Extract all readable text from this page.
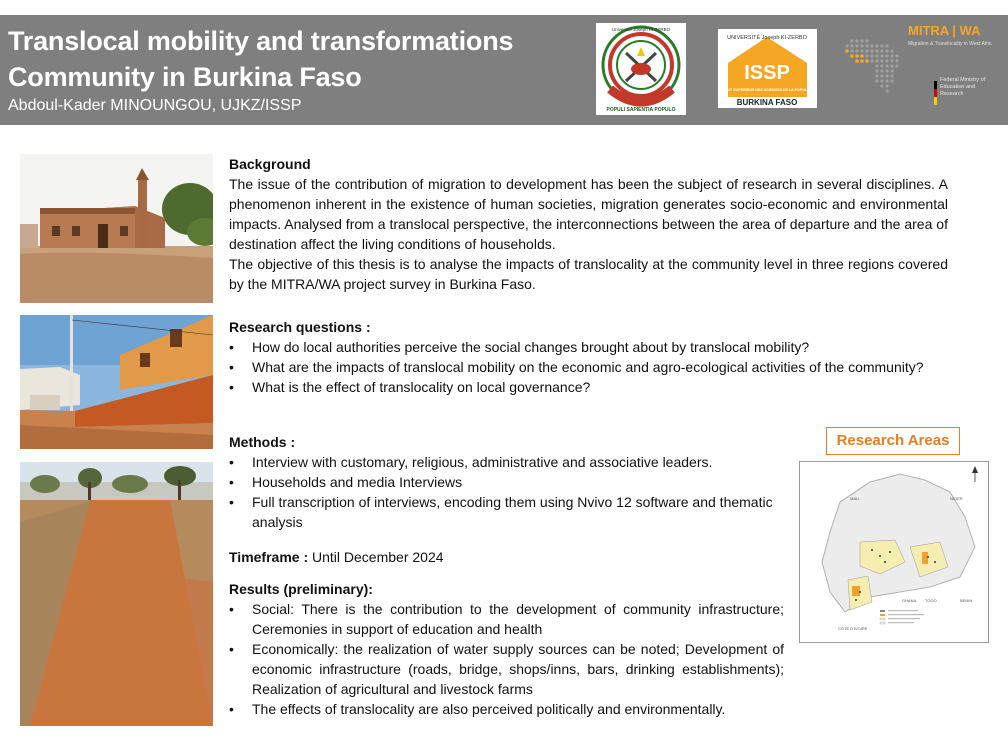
Translocal mobility and transformations
Community in Burkina Faso
Abdoul-Kader MINOUNGOU, UJKZ/ISSP
Université Joseph KI-ZERBO
POPULI SAPIENTIA POPULO
UNIVERSITÉ Joseph KI-ZERBO
ISSP
INSTITUT SUPÉRIEUR DES SCIENCES DE LA POPULATION
BURKINA FASO
MITRA | WA
Migration & Translocality in West Africa
Federal Ministry of Education and Research
Background
The issue of the contribution of migration to development has been the subject of research in several disciplines. A phenomenon inherent in the existence of human societies, migration generates socio-economic and environmental impacts. Analysed from a translocal perspective, the interconnections between the area of departure and the area of destination affect the living conditions of households.
The objective of this thesis is to analyse the impacts of translocality at the community level in three regions covered by the MITRA/WA project survey in Burkina Faso.
Research questions :
• How do local authorities perceive the social changes brought about by translocal mobility?
• What are the impacts of translocal mobility on the economic and agro-ecological activities of the community?
• What is the effect of translocality on local governance?
Methods :
• Interview with customary, religious, administrative and associative leaders.
• Households and media Interviews
• Full transcription of interviews, encoding them using Nvivo 12 software and thematic analysis
Timeframe : Until December 2024
Results (preliminary):
• Social: There is the contribution to the development of community infrastructure; Ceremonies in support of education and health
• Economically: the realization of water supply sources can be noted; Development of economic infrastructure (roads, bridge, shops/inns, bars, drinking establishments); Realization of agricultural and livestock farms
• The effects of translocality are also perceived politically and environmentally.
Research Areas
MALI	NIGER
GHANA TOGO	BENIN
CÔTE D'IVOIRE
